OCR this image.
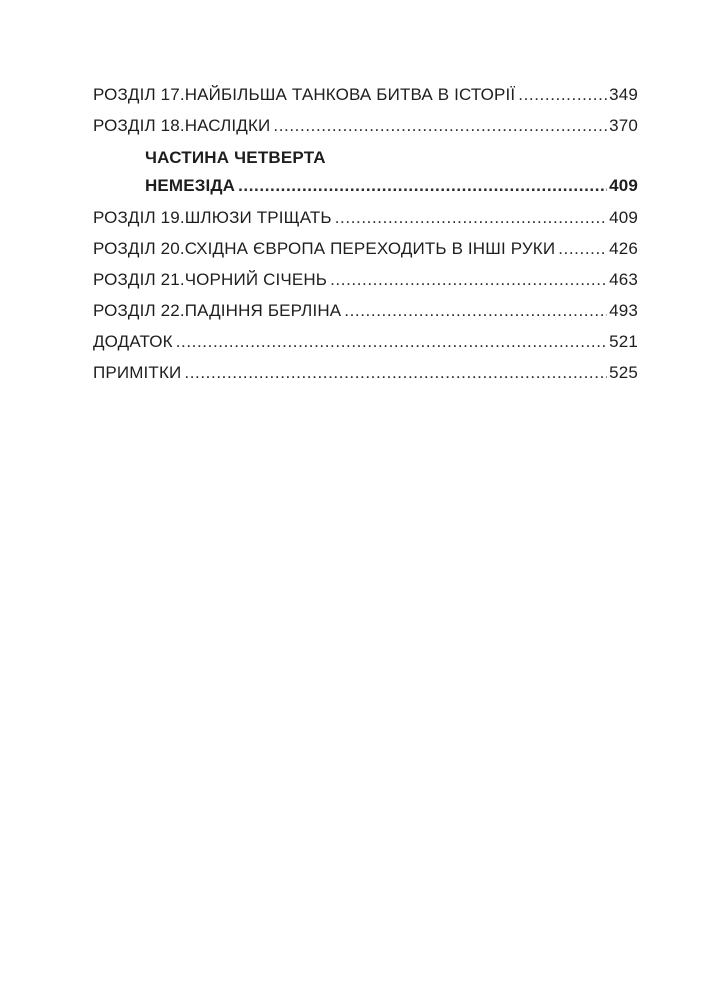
РОЗДІЛ 17.НАЙБІЛЬША ТАНКОВА БИТВА В ІСТОРІЇ .....	349
РОЗДІЛ 18.НАСЛІДКИ .....	370
ЧАСТИНА ЧЕТВЕРТА
НЕМЕЗІДА .....	409
РОЗДІЛ 19.ШЛЮЗИ ТРІЩАТЬ .....	409
РОЗДІЛ 20.СХІДНА ЄВРОПА ПЕРЕХОДИТЬ В ІНШІ РУКИ .....	426
РОЗДІЛ 21.ЧОРНИЙ СІЧЕНЬ .....	463
РОЗДІЛ 22.ПАДІННЯ БЕРЛІНА .....	493
ДОДАТОК .....	521
ПРИМІТКИ .....	525
